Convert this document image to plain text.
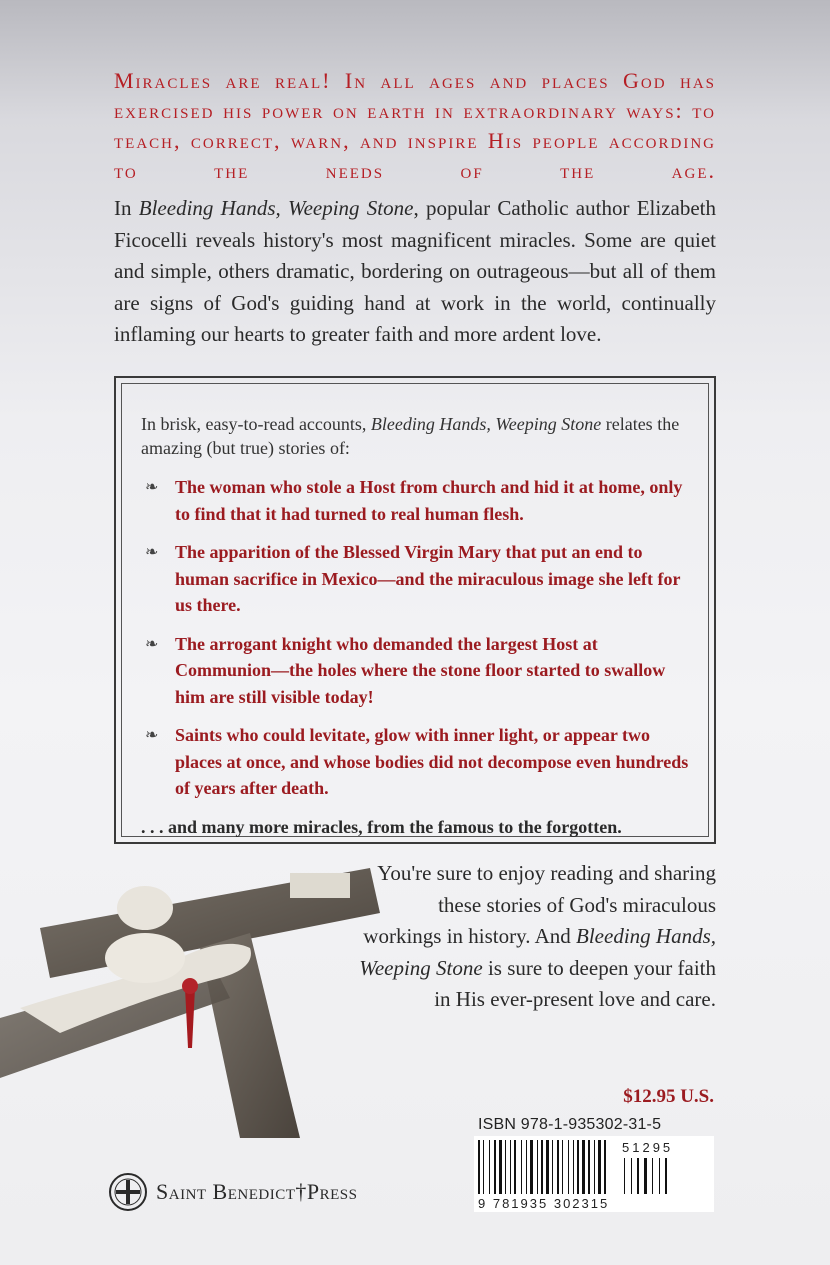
Miracles are real! In all ages and places God has exercised his power on earth in extraordinary ways: to teach, correct, warn, and inspire His people according to the needs of the age.
In Bleeding Hands, Weeping Stone, popular Catholic author Elizabeth Ficocelli reveals history's most magnificent miracles. Some are quiet and simple, others dramatic, bordering on outrageous—but all of them are signs of God's guiding hand at work in the world, continually inflaming our hearts to greater faith and more ardent love.

In brisk, easy-to-read accounts, Bleeding Hands, Weeping Stone relates the amazing (but true) stories of:

❧ The woman who stole a Host from church and hid it at home, only to find that it had turned to real human flesh.
❧ The apparition of the Blessed Virgin Mary that put an end to human sacrifice in Mexico—and the miraculous image she left for us there.
❧ The arrogant knight who demanded the largest Host at Communion—the holes where the stone floor started to swallow him are still visible today!
❧ Saints who could levitate, glow with inner light, or appear two places at once, and whose bodies did not decompose even hundreds of years after death.
. . . and many more miracles, from the famous to the forgotten.
You're sure to enjoy reading and sharing these stories of God's miraculous workings in history. And Bleeding Hands, Weeping Stone is sure to deepen your faith in His ever-present love and care.
$12.95 U.S.
ISBN 978-1-935302-31-5
51295
9 781935 302315
Saint Benedict†Press
